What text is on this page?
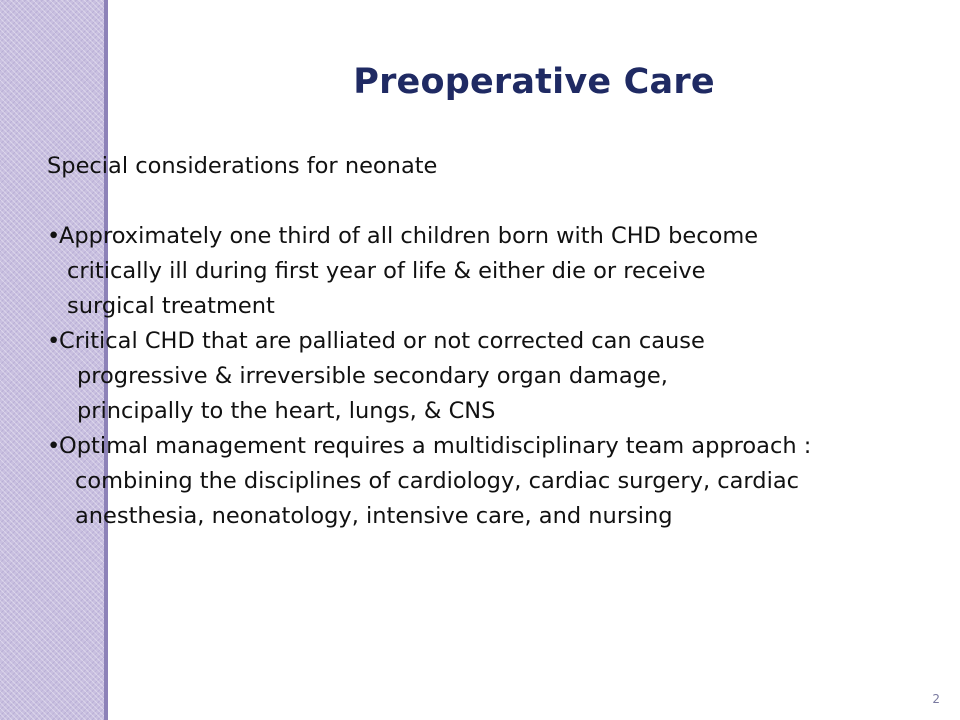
Preoperative Care

Special considerations for neonate

•
Approximately one third of all children born with CHD become
critically ill during first year of life & either die or receive
surgical treatment
•
Critical CHD that are palliated or not corrected can cause
progressive & irreversible secondary organ damage,
principally to the heart, lungs, & CNS
•
Optimal management requires a multidisciplinary team approach :
combining the disciplines of cardiology, cardiac surgery, cardiac
anesthesia, neonatology, intensive care, and nursing
2
